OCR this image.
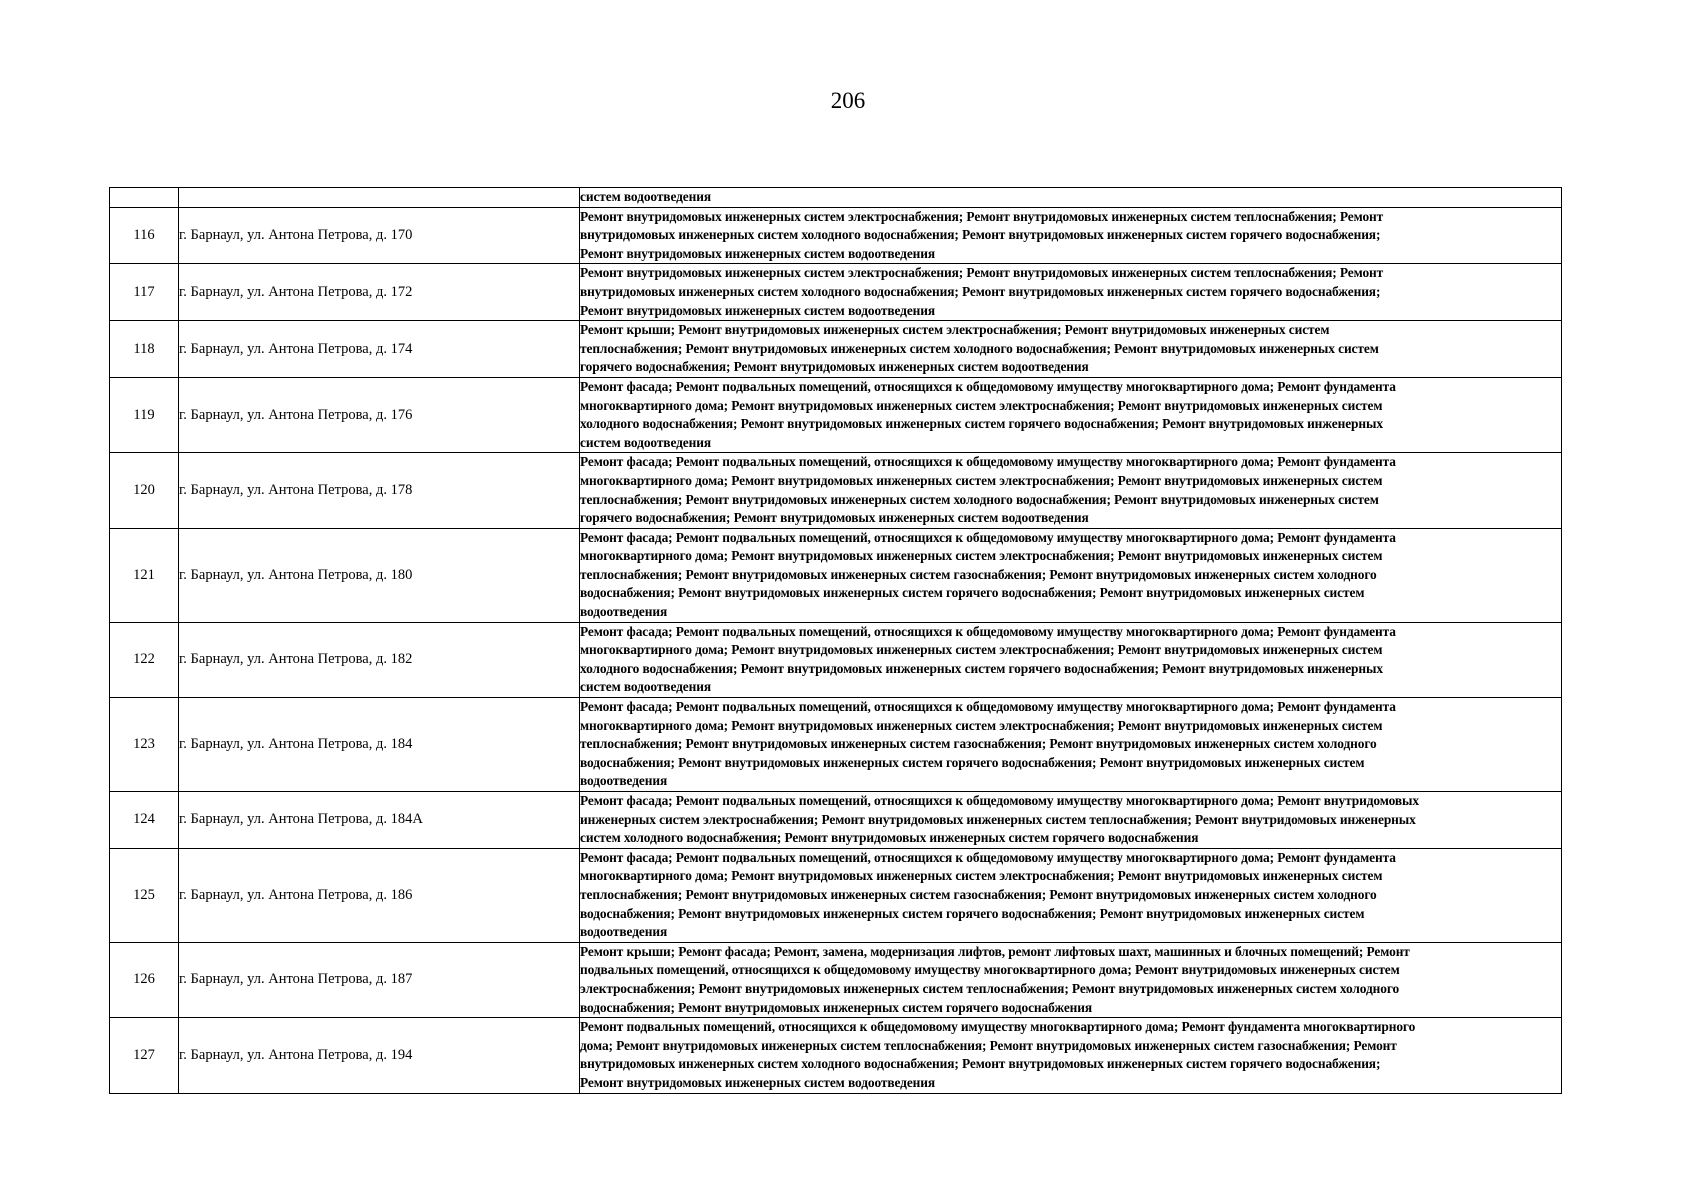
206

		систем водоотведения

116	г. Барнаул, ул. Антона Петрова, д. 170	Ремонт внутридомовых инженерных систем электроснабжения; Ремонт внутридомовых инженерных систем теплоснабжения; Ремонт
внутридомовых инженерных систем холодного водоснабжения; Ремонт внутридомовых инженерных систем горячего водоснабжения;
Ремонт внутридомовых инженерных систем водоотведения

117	г. Барнаул, ул. Антона Петрова, д. 172	Ремонт внутридомовых инженерных систем электроснабжения; Ремонт внутридомовых инженерных систем теплоснабжения; Ремонт
внутридомовых инженерных систем холодного водоснабжения; Ремонт внутридомовых инженерных систем горячего водоснабжения;
Ремонт внутридомовых инженерных систем водоотведения

118	г. Барнаул, ул. Антона Петрова, д. 174	Ремонт крыши; Ремонт внутридомовых инженерных систем электроснабжения; Ремонт внутридомовых инженерных систем
теплоснабжения; Ремонт внутридомовых инженерных систем холодного водоснабжения; Ремонт внутридомовых инженерных систем
горячего водоснабжения; Ремонт внутридомовых инженерных систем водоотведения

119	г. Барнаул, ул. Антона Петрова, д. 176	Ремонт фасада; Ремонт подвальных помещений, относящихся к общедомовому имуществу многоквартирного дома; Ремонт фундамента
многоквартирного дома; Ремонт внутридомовых инженерных систем электроснабжения; Ремонт внутридомовых инженерных систем
холодного водоснабжения; Ремонт внутридомовых инженерных систем горячего водоснабжения; Ремонт внутридомовых инженерных
систем водоотведения

120	г. Барнаул, ул. Антона Петрова, д. 178	Ремонт фасада; Ремонт подвальных помещений, относящихся к общедомовому имуществу многоквартирного дома; Ремонт фундамента
многоквартирного дома; Ремонт внутридомовых инженерных систем электроснабжения; Ремонт внутридомовых инженерных систем
теплоснабжения; Ремонт внутридомовых инженерных систем холодного водоснабжения; Ремонт внутридомовых инженерных систем
горячего водоснабжения; Ремонт внутридомовых инженерных систем водоотведения

121	г. Барнаул, ул. Антона Петрова, д. 180	Ремонт фасада; Ремонт подвальных помещений, относящихся к общедомовому имуществу многоквартирного дома; Ремонт фундамента
многоквартирного дома; Ремонт внутридомовых инженерных систем электроснабжения; Ремонт внутридомовых инженерных систем
теплоснабжения; Ремонт внутридомовых инженерных систем газоснабжения; Ремонт внутридомовых инженерных систем холодного
водоснабжения; Ремонт внутридомовых инженерных систем горячего водоснабжения; Ремонт внутридомовых инженерных систем
водоотведения

122	г. Барнаул, ул. Антона Петрова, д. 182	Ремонт фасада; Ремонт подвальных помещений, относящихся к общедомовому имуществу многоквартирного дома; Ремонт фундамента
многоквартирного дома; Ремонт внутридомовых инженерных систем электроснабжения; Ремонт внутридомовых инженерных систем
холодного водоснабжения; Ремонт внутридомовых инженерных систем горячего водоснабжения; Ремонт внутридомовых инженерных
систем водоотведения

123	г. Барнаул, ул. Антона Петрова, д. 184	Ремонт фасада; Ремонт подвальных помещений, относящихся к общедомовому имуществу многоквартирного дома; Ремонт фундамента
многоквартирного дома; Ремонт внутридомовых инженерных систем электроснабжения; Ремонт внутридомовых инженерных систем
теплоснабжения; Ремонт внутридомовых инженерных систем газоснабжения; Ремонт внутридомовых инженерных систем холодного
водоснабжения; Ремонт внутридомовых инженерных систем горячего водоснабжения; Ремонт внутридомовых инженерных систем
водоотведения

124	г. Барнаул, ул. Антона Петрова, д. 184А	Ремонт фасада; Ремонт подвальных помещений, относящихся к общедомовому имуществу многоквартирного дома; Ремонт внутридомовых
инженерных систем электроснабжения; Ремонт внутридомовых инженерных систем теплоснабжения; Ремонт внутридомовых инженерных
систем холодного водоснабжения; Ремонт внутридомовых инженерных систем горячего водоснабжения

125	г. Барнаул, ул. Антона Петрова, д. 186	Ремонт фасада; Ремонт подвальных помещений, относящихся к общедомовому имуществу многоквартирного дома; Ремонт фундамента
многоквартирного дома; Ремонт внутридомовых инженерных систем электроснабжения; Ремонт внутридомовых инженерных систем
теплоснабжения; Ремонт внутридомовых инженерных систем газоснабжения; Ремонт внутридомовых инженерных систем холодного
водоснабжения; Ремонт внутридомовых инженерных систем горячего водоснабжения; Ремонт внутридомовых инженерных систем
водоотведения

126	г. Барнаул, ул. Антона Петрова, д. 187	Ремонт крыши; Ремонт фасада; Ремонт, замена, модернизация лифтов, ремонт лифтовых шахт, машинных и блочных помещений; Ремонт
подвальных помещений, относящихся к общедомовому имуществу многоквартирного дома; Ремонт внутридомовых инженерных систем
электроснабжения; Ремонт внутридомовых инженерных систем теплоснабжения; Ремонт внутридомовых инженерных систем холодного
водоснабжения; Ремонт внутридомовых инженерных систем горячего водоснабжения

127	г. Барнаул, ул. Антона Петрова, д. 194	Ремонт подвальных помещений, относящихся к общедомовому имуществу многоквартирного дома; Ремонт фундамента многоквартирного
дома; Ремонт внутридомовых инженерных систем теплоснабжения; Ремонт внутридомовых инженерных систем газоснабжения; Ремонт
внутридомовых инженерных систем холодного водоснабжения; Ремонт внутридомовых инженерных систем горячего водоснабжения;
Ремонт внутридомовых инженерных систем водоотведения
